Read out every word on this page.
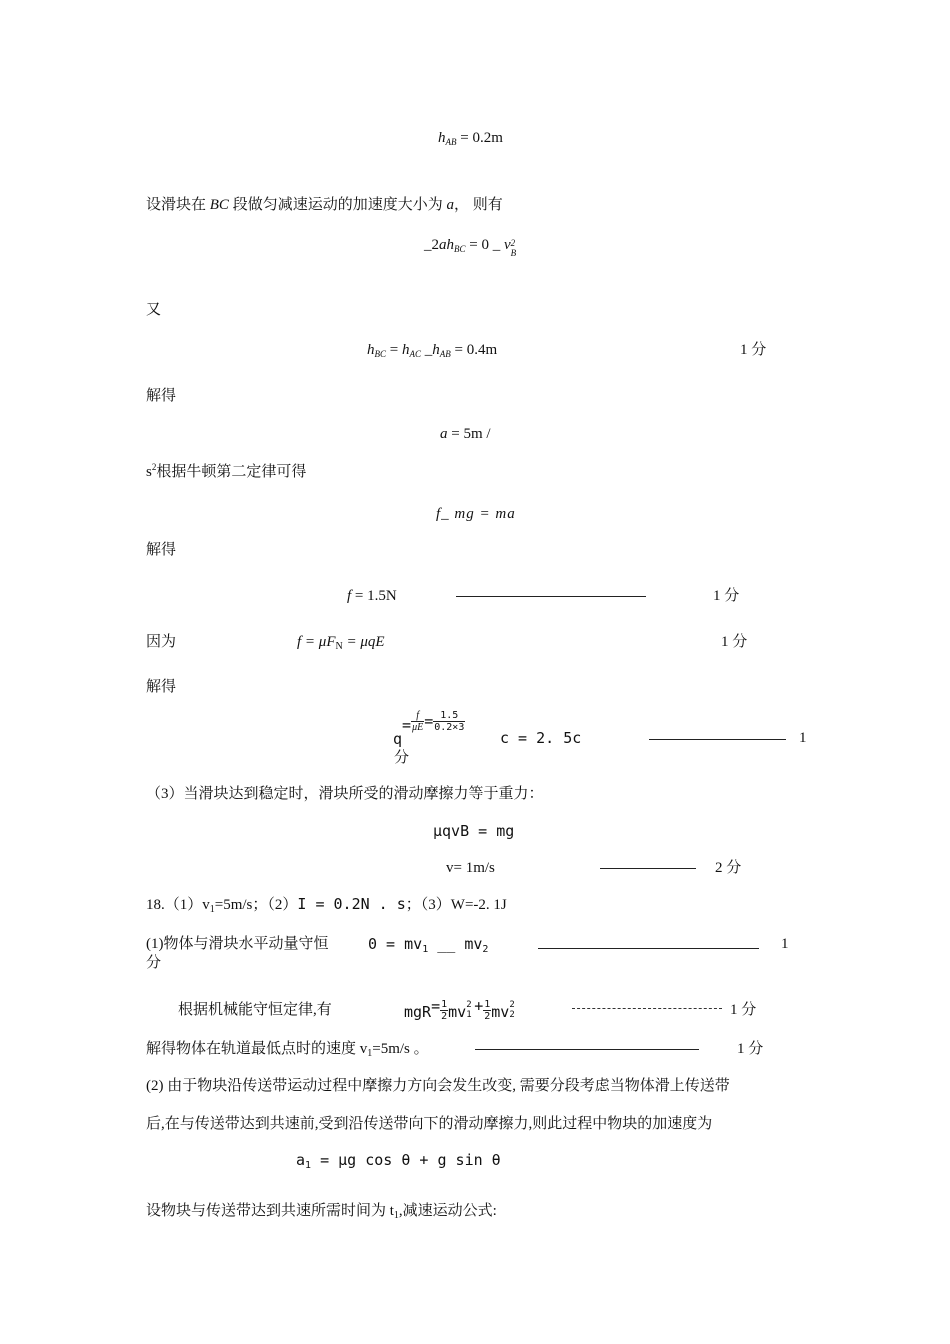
$h_{AB} = 0.2m$
设滑块在 BC 段做匀减速运动的加速度大小为 a， 则有
$\_2ah_{BC} = 0$ _ v 2
B
又
$h_{BC} = h_{AC}$ $\_h_{AB} = 0.4m$	1 分
解得
a = 5m /
$s^2$根据牛顿第二定律可得
f_ mg = ma
解得
f = 1.5N	1 分
因为	$f = \mu F_N = \mu qE$	1 分
解得
$q= \frac{f}{\mu E} = \frac{1.5}{0.2\times 3}$
c = 2. 5c
分
1
（3）当滑块达到稳定时，滑块所受的滑动摩擦力等于重力：
μqvB = mg
v= 1m/s	2 分
$18.(1)v_1=5m/s$；（2）I = 0.2N . s；（3）W=-2. 1J
(1)物体与滑块水平动量守恒	$0 = mv_1$ __ $mv_2$	1
分
根据机械能守恒定律,有	$mgR= \frac{1}{2}$ mv 2
$1 + \frac{1}{2}$ mv 2
2	1 分
解得物体在轨道最低点时的速度 $v_1=5m/s$ 。	1 分
(2) 由于物块沿传送带运动过程中摩擦力方向会发生改变, 需要分段考虑当物体滑上传送带
后,在与传送带达到共速前,受到沿传送带向下的滑动摩擦力,则此过程中物块的加速度为
$a_1 = \mu g$ cos θ + g sin θ
设物块与传送带达到共速所需时间为 $t_1$,减速运动公式:
